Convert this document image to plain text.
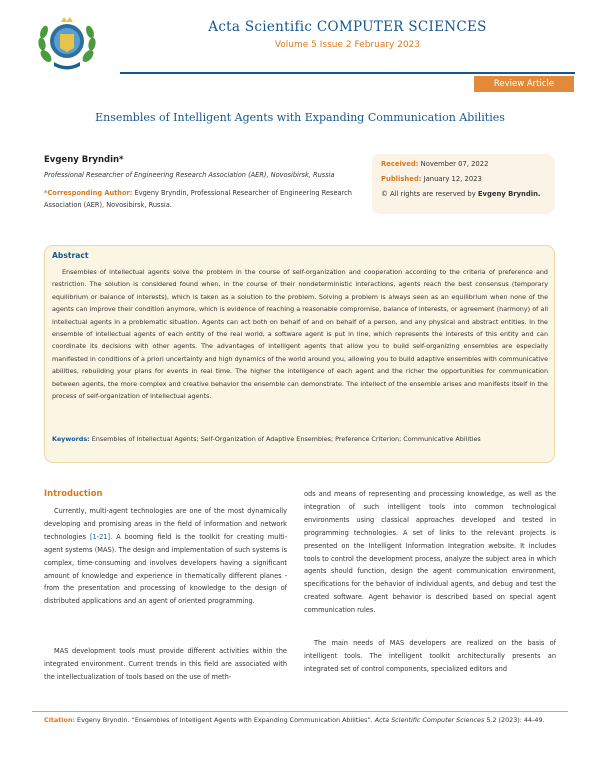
Acta Scientific COMPUTER SCIENCES
Volume 5 Issue 2 February 2023
Review Article
Ensembles of Intelligent Agents with Expanding Communication Abilities
Evgeny Bryndin*
Professional Researcher of Engineering Research Association (AER), Novosibirsk, Russia
*Corresponding Author: Evgeny Bryndin, Professional Researcher of Engineering Research Association (AER), Novosibirsk, Russia.
Received: November 07, 2022
Published: January 12, 2023
© All rights are reserved by Evgeny Bryndin.
Abstract

Ensembles of intellectual agents solve the problem in the course of self-organization and cooperation according to the criteria of preference and restriction. The solution is considered found when, in the course of their nondeterministic interactions, agents reach the best consensus (temporary equilibrium or balance of interests), which is taken as a solution to the problem. Solving a problem is always seen as an equilibrium when none of the agents can improve their condition anymore, which is evidence of reaching a reasonable compromise, balance of interests, or agreement (harmony) of all intellectual agents in a problematic situation. Agents can act both on behalf of and on behalf of a person, and any physical and abstract entities. In the ensemble of intellectual agents of each entity of the real world, a software agent is put in line, which represents the interests of this entity and can coordinate its decisions with other agents. The advantages of intelligent agents that allow you to build self-organizing ensembles are especially manifested in conditions of a priori uncertainty and high dynamics of the world around you, allowing you to build adaptive ensembles with communicative abilities, rebuilding your plans for events in real time. The higher the intelligence of each agent and the richer the opportunities for communication between agents, the more complex and creative behavior the ensemble can demonstrate. The intellect of the ensemble arises and manifests itself in the process of self-organization of intellectual agents.

Keywords: Ensembles of Intellectual Agents; Self-Organization of Adaptive Ensembles; Preference Criterion; Communicative Abilities
Introduction

Currently, multi-agent technologies are one of the most dynamically developing and promising areas in the field of information and network technologies [1-21]. A booming field is the toolkit for creating multi-agent systems (MAS). The design and implementation of such systems is complex, time-consuming and involves developers having a significant amount of knowledge and experience in thematically different planes - from the presentation and processing of knowledge to the design of distributed applications and an agent of oriented programming.

MAS development tools must provide different activities within the integrated environment. Current trends in this field are associated with the intellectualization of tools based on the use of meth-

ods and means of representing and processing knowledge, as well as the integration of such intelligent tools into common technological environments using classical approaches developed and tested in programming technologies. A set of links to the relevant projects is presented on the Intelligent Information Integration website. It includes tools to control the development process, analyze the subject area in which agents should function, design the agent communication environment, specifications for the behavior of individual agents, and debug and test the created software. Agent behavior is described based on special agent communication rules.

The main needs of MAS developers are realized on the basis of intelligent tools. The intelligent toolkit architecturally presents an integrated set of control components, specialized editors and

Citation: Evgeny Bryndin. “Ensembles of Intelligent Agents with Expanding Communication Abilities”. Acta Scientific Computer Sciences 5.2 (2023): 44-49.
